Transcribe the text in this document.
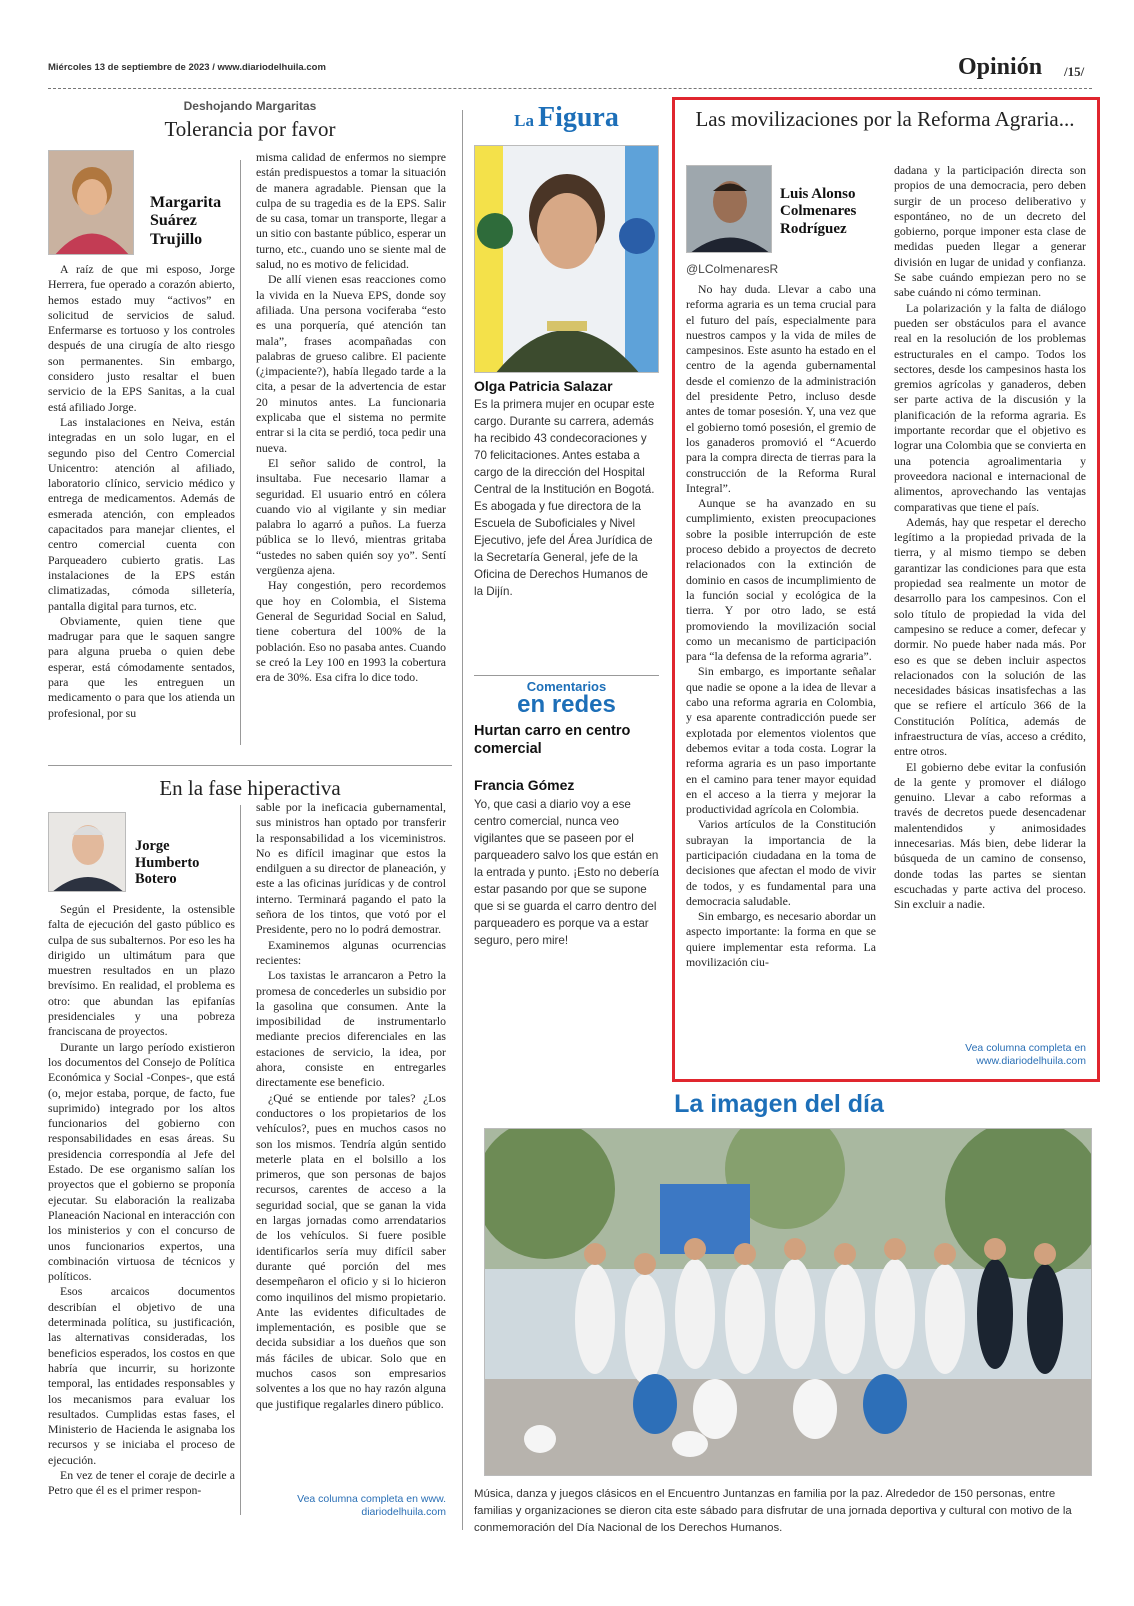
Miércoles 13 de septiembre de 2023 / www.diariodelhuila.com	Opinión /15/
Deshojando Margaritas
Tolerancia por favor
Margarita Suárez Trujillo

A raíz de que mi esposo, Jorge Herrera, fue operado a corazón abierto, hemos estado muy “activos” en solicitud de servicios de salud. Enfermarse es tortuoso y los controles después de una cirugía de alto riesgo son permanentes. Sin embargo, considero justo resaltar el buen servicio de la EPS Sanitas, a la cual está afiliado Jorge.

Las instalaciones en Neiva, están integradas en un solo lugar, en el segundo piso del Centro Comercial Unicentro: atención al afiliado, laboratorio clínico, servicio médico y entrega de medicamentos. Además de esmerada atención, con empleados capacitados para manejar clientes, el centro comercial cuenta con Parqueadero cubierto gratis. Las instalaciones de la EPS están climatizadas, cómoda silletería, pantalla digital para turnos, etc.

Obviamente, quien tiene que madrugar para que le saquen sangre para alguna prueba o quien debe esperar, está cómodamente sentados, para que les entreguen un medicamento o para que los atienda un profesional, por su

misma calidad de enfermos no siempre están predispuestos a tomar la situación de manera agradable. Piensan que la culpa de su tragedia es de la EPS. Salir de su casa, tomar un transporte, llegar a un sitio con bastante público, esperar un turno, etc., cuando uno se siente mal de salud, no es motivo de felicidad.

De allí vienen esas reacciones como la vivida en la Nueva EPS, donde soy afiliada. Una persona vociferaba “esto es una porquería, qué atención tan mala”, frases acompañadas con palabras de grueso calibre. El paciente (¿impaciente?), había llegado tarde a la cita, a pesar de la advertencia de estar 20 minutos antes. La funcionaria explicaba que el sistema no permite entrar si la cita se perdió, toca pedir una nueva.

El señor salido de control, la insultaba. Fue necesario llamar a seguridad. El usuario entró en cólera cuando vio al vigilante y sin mediar palabra lo agarró a puños. La fuerza pública se lo llevó, mientras gritaba “ustedes no saben quién soy yo”. Sentí vergüenza ajena.

Hay congestión, pero recordemos que hoy en Colombia, el Sistema General de Seguridad Social en Salud, tiene cobertura del 100% de la población. Eso no pasaba antes. Cuando se creó la Ley 100 en 1993 la cobertura era de 30%. Esa cifra lo dice todo.

En la fase hiperactiva
Jorge Humberto Botero

Según el Presidente, la ostensible falta de ejecución del gasto público es culpa de sus subalternos. Por eso les ha dirigido un ultimátum para que muestren resultados en un plazo brevísimo. En realidad, el problema es otro: que abundan las epifanías presidenciales y una pobreza franciscana de proyectos.

Durante un largo período existieron los documentos del Consejo de Política Económica y Social -Conpes-, que está (o, mejor estaba, porque, de facto, fue suprimido) integrado por los altos funcionarios del gobierno con responsabilidades en esas áreas. Su presidencia correspondía al Jefe del Estado. De ese organismo salían los proyectos que el gobierno se proponía ejecutar. Su elaboración la realizaba Planeación Nacional en interacción con los ministerios y con el concurso de unos funcionarios expertos, una combinación virtuosa de técnicos y políticos.

Esos arcaicos documentos describían el objetivo de una determinada política, su justificación, las alternativas consideradas, los beneficios esperados, los costos en que habría que incurrir, su horizonte temporal, las entidades responsables y los mecanismos para evaluar los resultados. Cumplidas estas fases, el Ministerio de Hacienda le asignaba los recursos y se iniciaba el proceso de ejecución.

En vez de tener el coraje de decirle a Petro que él es el primer respon-

sable por la ineficacia gubernamental, sus ministros han optado por transferir la responsabilidad a los viceministros. No es difícil imaginar que estos la endilguen a su director de planeación, y este a las oficinas jurídicas y de control interno. Terminará pagando el pato la señora de los tintos, que votó por el Presidente, pero no lo podrá demostrar.

Examinemos algunas ocurrencias recientes:

Los taxistas le arrancaron a Petro la promesa de concederles un subsidio por la gasolina que consumen. Ante la imposibilidad de instrumentarlo mediante precios diferenciales en las estaciones de servicio, la idea, por ahora, consiste en entregarles directamente ese beneficio.

¿Qué se entiende por tales? ¿Los conductores o los propietarios de los vehículos?, pues en muchos casos no son los mismos. Tendría algún sentido meterle plata en el bolsillo a los primeros, que son personas de bajos recursos, carentes de acceso a la seguridad social, que se ganan la vida en largas jornadas como arrendatarios de los vehículos. Si fuere posible identificarlos sería muy difícil saber durante qué porción del mes desempeñaron el oficio y si lo hicieron como inquilinos del mismo propietario. Ante las evidentes dificultades de implementación, es posible que se decida subsidiar a los dueños que son más fáciles de ubicar. Solo que en muchos casos son empresarios solventes a los que no hay razón alguna que justifique regalarles dinero público.

Vea columna completa en www. diariodelhuila.com
La Figura
Olga Patricia Salazar
Es la primera mujer en ocupar este cargo. Durante su carrera, además ha recibido 43 condecoraciones y 70 felicitaciones. Antes estaba a cargo de la dirección del Hospital Central de la Institución en Bogotá. Es abogada y fue directora de la Escuela de Suboficiales y Nivel Ejecutivo, jefe del Área Jurídica de la Secretaría General, jefe de la Oficina de Derechos Humanos de la Dijín.
Comentarios
en redes
Hurtan carro en centro comercial
Francia Gómez
Yo, que casi a diario voy a ese centro comercial, nunca veo vigilantes que se paseen por el parqueadero salvo los que están en la entrada y punto. ¡Esto no debería estar pasando por que se supone que si se guarda el carro dentro del parqueadero es porque va a estar seguro, pero mire!
Las movilizaciones por la Reforma Agraria...
Luis Alonso Colmenares Rodríguez
@LColmenaresR

No hay duda. Llevar a cabo una reforma agraria es un tema crucial para el futuro del país, especialmente para nuestros campos y la vida de miles de campesinos. Este asunto ha estado en el centro de la agenda gubernamental desde el comienzo de la administración del presidente Petro, incluso desde antes de tomar posesión. Y, una vez que el gobierno tomó posesión, el gremio de los ganaderos promovió el “Acuerdo para la compra directa de tierras para la construcción de la Reforma Rural Integral”.

Aunque se ha avanzado en su cumplimiento, existen preocupaciones sobre la posible interrupción de este proceso debido a proyectos de decreto relacionados con la extinción de dominio en casos de incumplimiento de la función social y ecológica de la tierra. Y por otro lado, se está promoviendo la movilización social como un mecanismo de participación para “la defensa de la reforma agraria”.

Sin embargo, es importante señalar que nadie se opone a la idea de llevar a cabo una reforma agraria en Colombia, y esa aparente contradicción puede ser explotada por elementos violentos que debemos evitar a toda costa. Lograr la reforma agraria es un paso importante en el camino para tener mayor equidad en el acceso a la tierra y mejorar la productividad agrícola en Colombia.

Varios artículos de la Constitución subrayan la importancia de la participación ciudadana en la toma de decisiones que afectan el modo de vivir de todos, y es fundamental para una democracia saludable.

Sin embargo, es necesario abordar un aspecto importante: la forma en que se quiere implementar esta reforma. La movilización ciu-

dadana y la participación directa son propios de una democracia, pero deben surgir de un proceso deliberativo y espontáneo, no de un decreto del gobierno, porque imponer esta clase de medidas pueden llegar a generar división en lugar de unidad y confianza. Se sabe cuándo empiezan pero no se sabe cuándo ni cómo terminan.

La polarización y la falta de diálogo pueden ser obstáculos para el avance real en la resolución de los problemas estructurales en el campo. Todos los sectores, desde los campesinos hasta los gremios agrícolas y ganaderos, deben ser parte activa de la discusión y la planificación de la reforma agraria. Es importante recordar que el objetivo es lograr una Colombia que se convierta en una potencia agroalimentaria y proveedora nacional e internacional de alimentos, aprovechando las ventajas comparativas que tiene el país.

Además, hay que respetar el derecho legítimo a la propiedad privada de la tierra, y al mismo tiempo se deben garantizar las condiciones para que esta propiedad sea realmente un motor de desarrollo para los campesinos. Con el solo título de propiedad la vida del campesino se reduce a comer, defecar y dormir. No puede haber nada más. Por eso es que se deben incluir aspectos relacionados con la solución de las necesidades básicas insatisfechas a las que se refiere el artículo 366 de la Constitución Política, además de infraestructura de vías, acceso a crédito, entre otros.

El gobierno debe evitar la confusión de la gente y promover el diálogo genuino. Llevar a cabo reformas a través de decretos puede desencadenar malentendidos y animosidades innecesarias. Más bien, debe liderar la búsqueda de un camino de consenso, donde todas las partes se sientan escuchadas y parte activa del proceso. Sin excluir a nadie.

Vea columna completa en www.diariodelhuila.com
La imagen del día
Música, danza y juegos clásicos en el Encuentro Juntanzas en familia por la paz. Alrededor de 150 personas, entre familias y organizaciones se dieron cita este sábado para disfrutar de una jornada deportiva y cultural con motivo de la conmemoración del Día Nacional de los Derechos Humanos.
